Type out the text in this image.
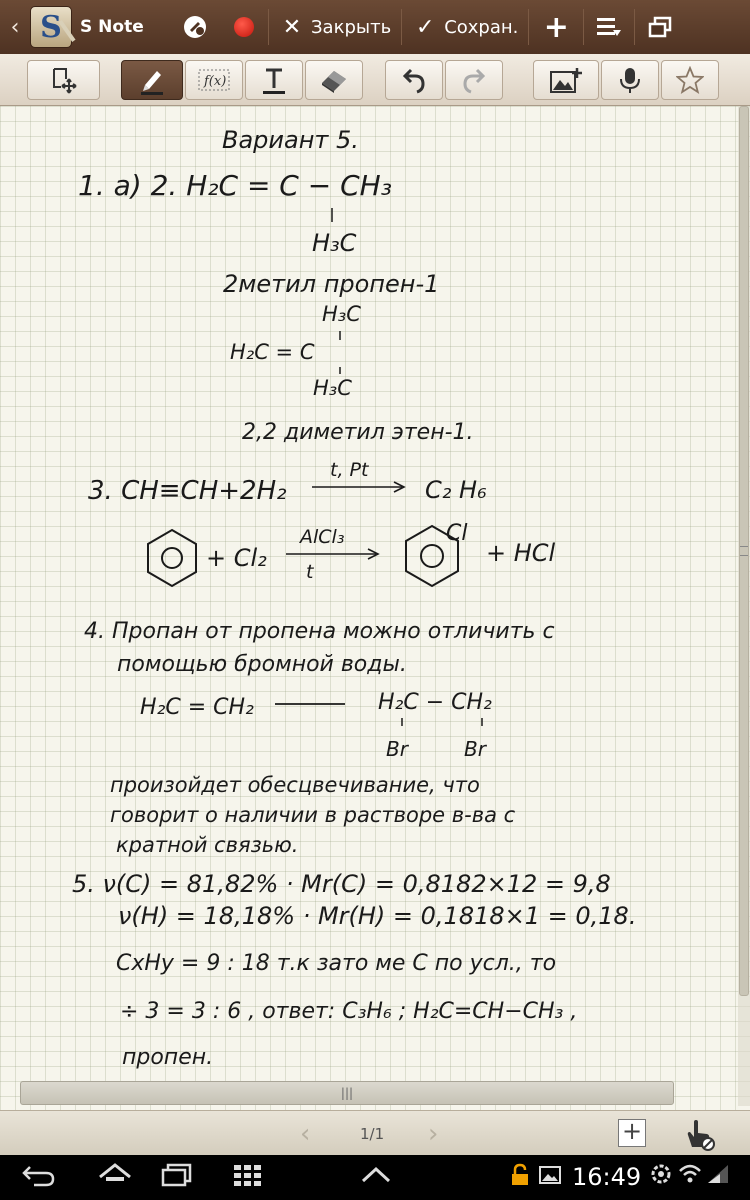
‹ S S Note	✕ Закрыть ✓ Сохран. +
f(x)
Вариант 5.
1. а) 2. H₂C = C − CH₃
H₃C
2метил пропен-1
H₃C
H₂C = C
H₃C
2,2 диметил этен-1.
3. CH≡CH+2H₂
t, Pt
C₂ H₆
+ Cl₂
AlCl₃
t
Cl
+ HCl
4. Пропан от пропена можно отличить с
помощью бромной воды.
H₂C = CH₂	H₂C − CH₂
Br	Br
произойдет обесцвечивание, что
говорит о наличии в растворе в-ва с
кратной связью.
5. ν(C) = 81,82% · Mr(C) = 0,8182×12 = 9,8
ν(H) = 18,18% · Mr(H) = 0,1818×1 = 0,18.
CxHy = 9 : 18 т.к зато ме C по усл., то
÷ 3 = 3 : 6 , ответ: C₃H₆ ; H₂C=CH−CH₃ ,
пропен.
|||
‹	1/1 ›	+
16:49
